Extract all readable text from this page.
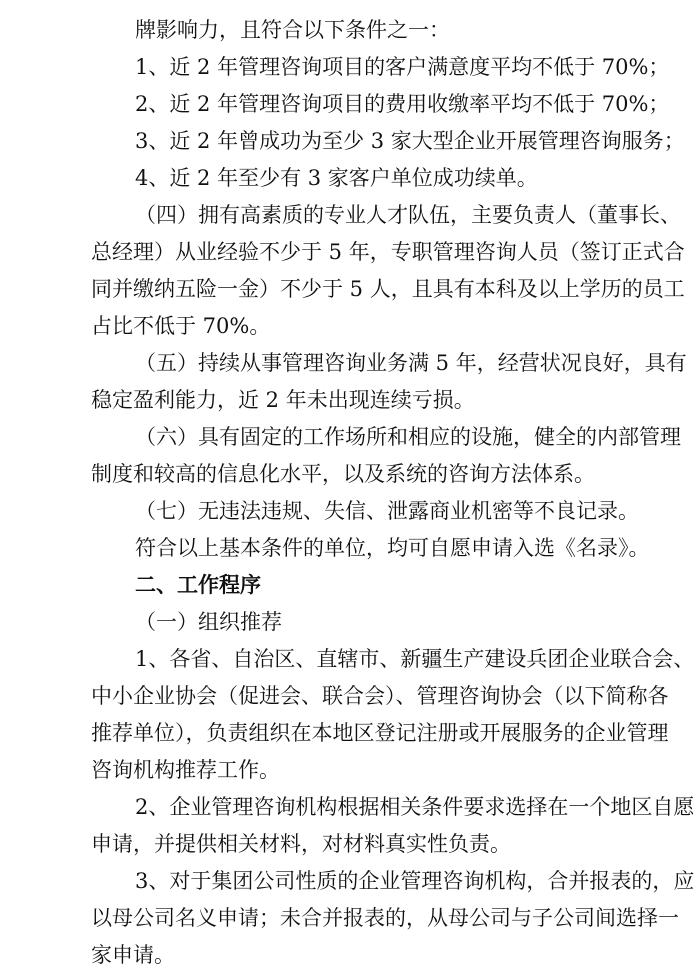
牌影响力，且符合以下条件之一：
1、近 2 年管理咨询项目的客户满意度平均不低于 70%；
2、近 2 年管理咨询项目的费用收缴率平均不低于 70%；
3、近 2 年曾成功为至少 3 家大型企业开展管理咨询服务；
4、近 2 年至少有 3 家客户单位成功续单。
（四）拥有高素质的专业人才队伍，主要负责人（董事长、
总经理）从业经验不少于 5 年，专职管理咨询人员（签订正式合
同并缴纳五险一金）不少于 5 人，且具有本科及以上学历的员工
占比不低于 70%。
（五）持续从事管理咨询业务满 5 年，经营状况良好，具有
稳定盈利能力，近 2 年未出现连续亏损。
（六）具有固定的工作场所和相应的设施，健全的内部管理
制度和较高的信息化水平，以及系统的咨询方法体系。
（七）无违法违规、失信、泄露商业机密等不良记录。
符合以上基本条件的单位，均可自愿申请入选《名录》。
二、工作程序
（一）组织推荐
1、各省、自治区、直辖市、新疆生产建设兵团企业联合会、
中小企业协会（促进会、联合会）、管理咨询协会（以下简称各
推荐单位），负责组织在本地区登记注册或开展服务的企业管理
咨询机构推荐工作。
2、企业管理咨询机构根据相关条件要求选择在一个地区自愿
申请，并提供相关材料，对材料真实性负责。
3、对于集团公司性质的企业管理咨询机构，合并报表的，应
以母公司名义申请；未合并报表的，从母公司与子公司间选择一
家申请。
